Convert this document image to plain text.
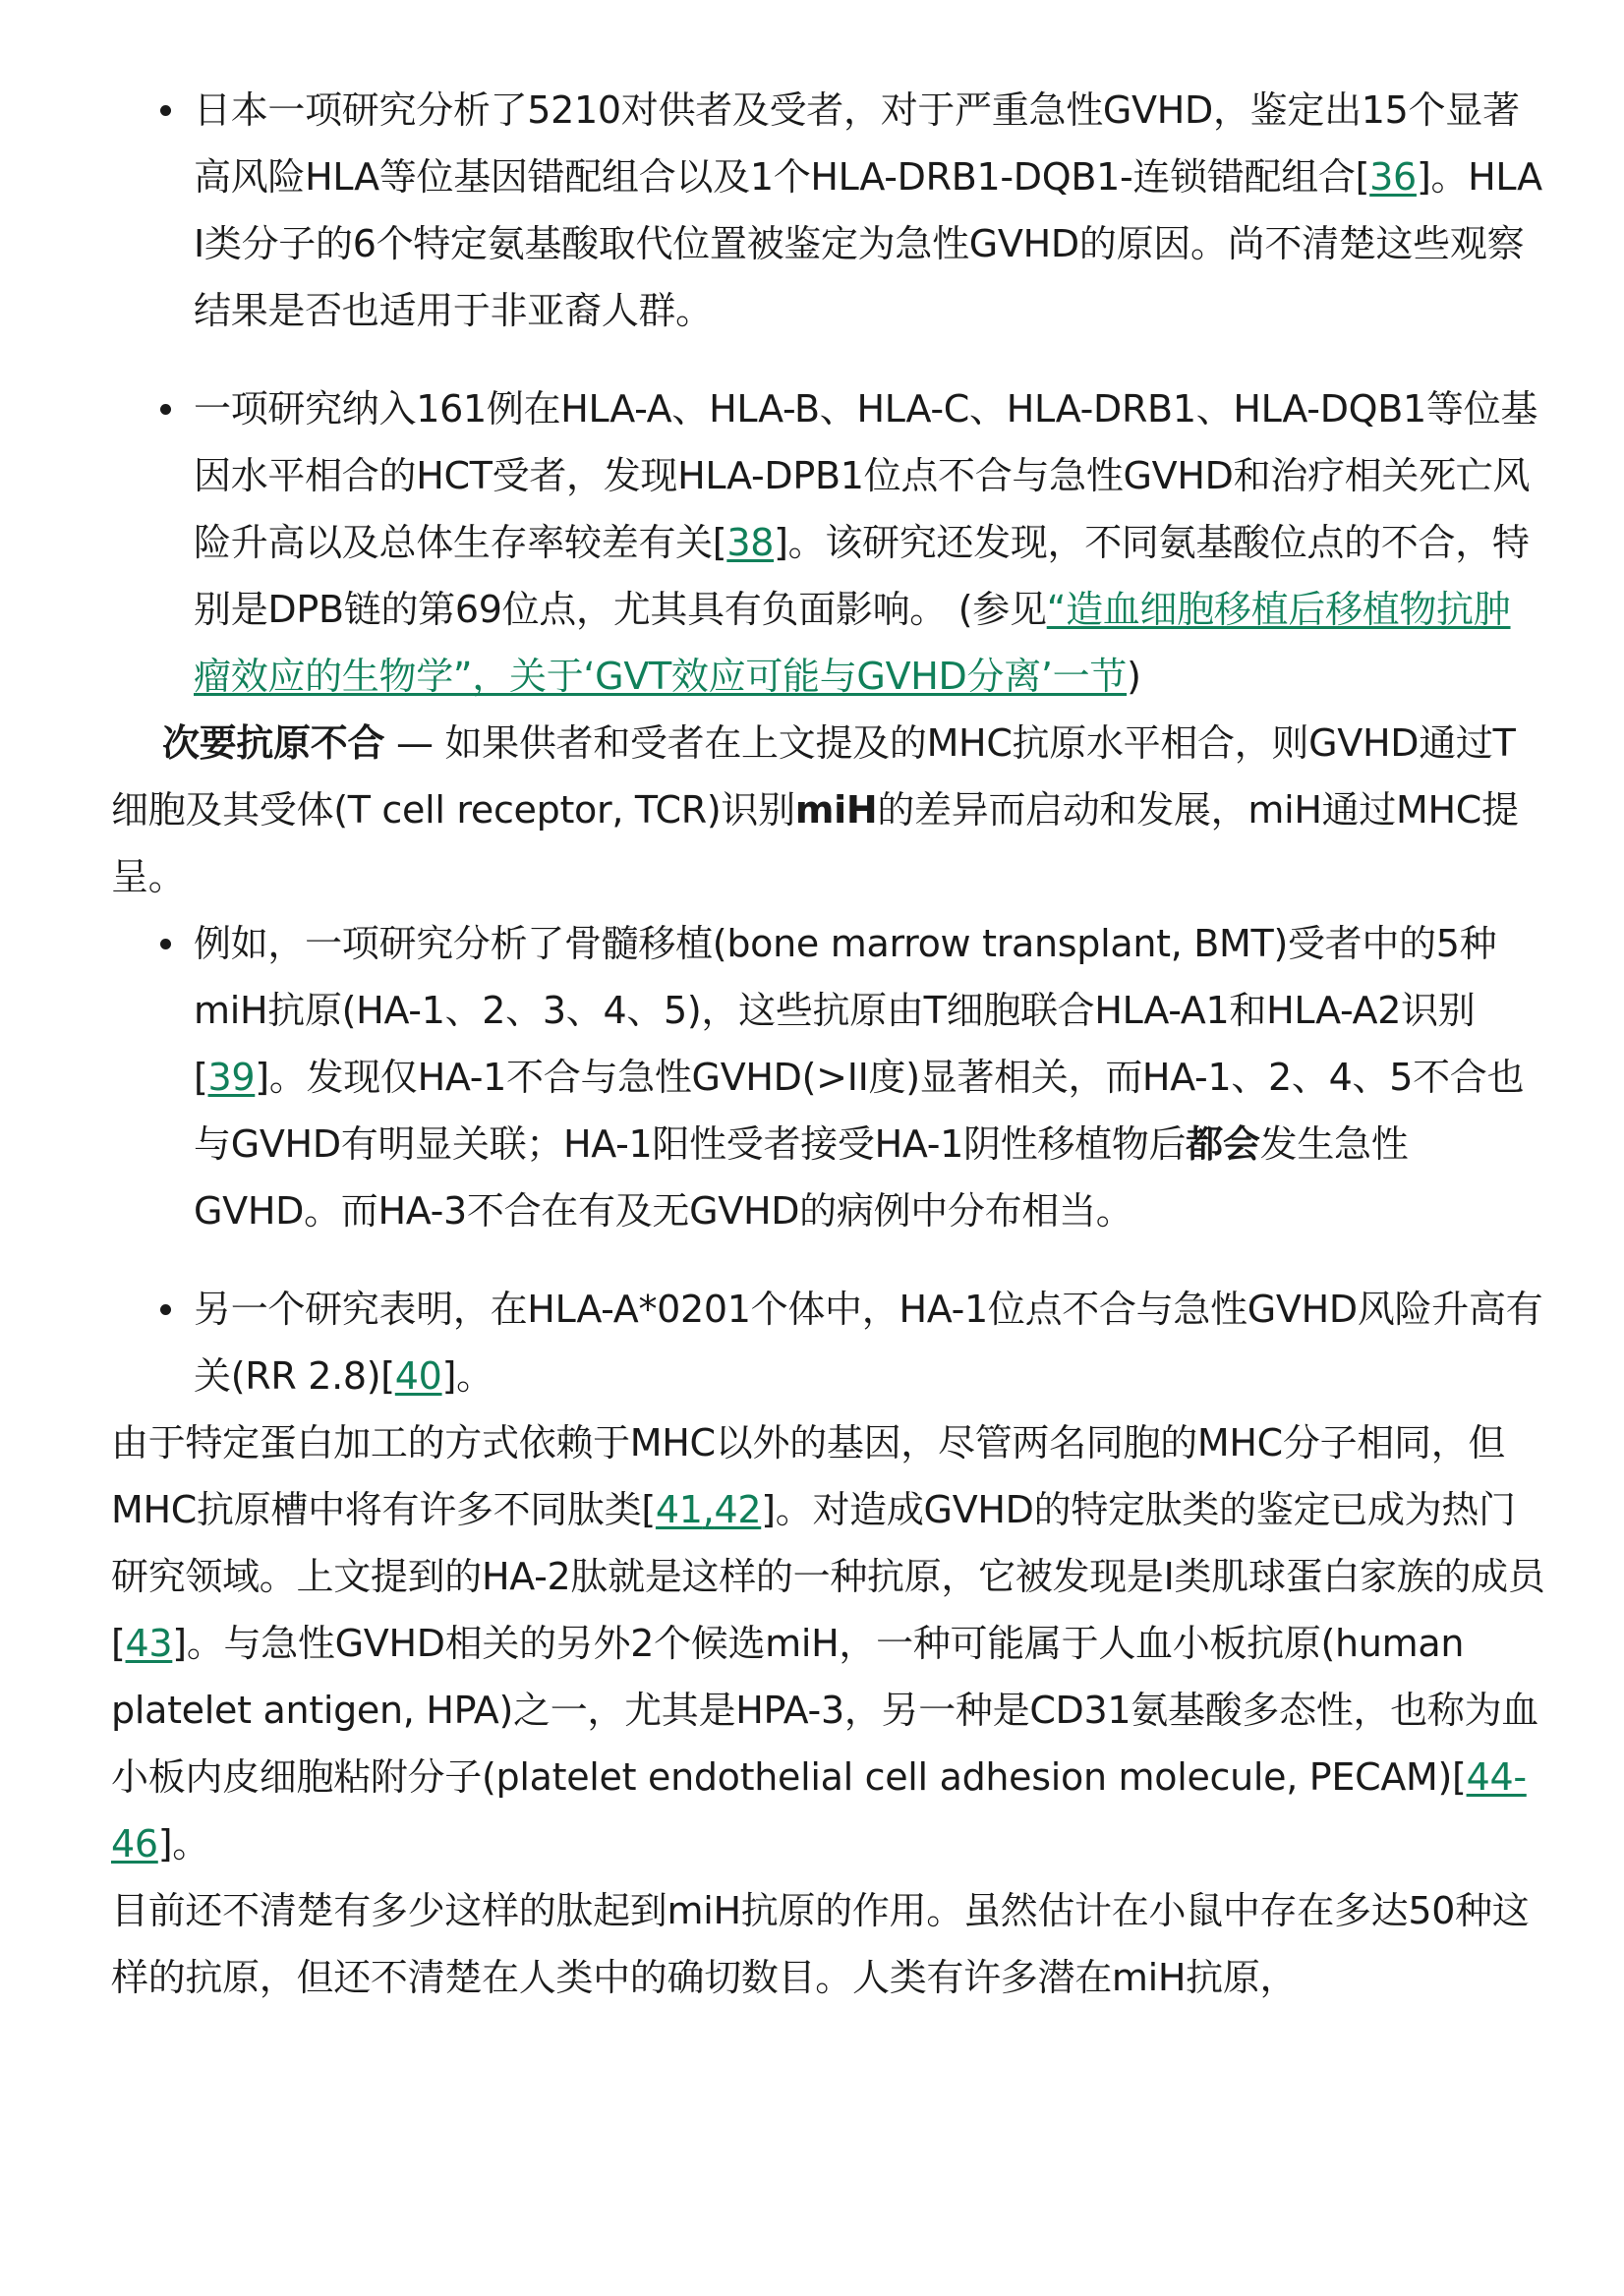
日本一项研究分析了5210对供者及受者，对于严重急性GVHD，鉴定出15个显著高风险HLA等位基因错配组合以及1个HLA-DRB1-DQB1-连锁错配组合[36]。HLA I类分子的6个特定氨基酸取代位置被鉴定为急性GVHD的原因。尚不清楚这些观察结果是否也适用于非亚裔人群。
一项研究纳入161例在HLA-A、HLA-B、HLA-C、HLA-DRB1、HLA-DQB1等位基因水平相合的HCT受者，发现HLA-DPB1位点不合与急性GVHD和治疗相关死亡风险升高以及总体生存率较差有关[38]。该研究还发现，不同氨基酸位点的不合，特别是DPB链的第69位点，尤其具有负面影响。 (参见“造血细胞移植后移植物抗肿瘤效应的生物学”，关于‘GVT效应可能与GVHD分离’一节)

次要抗原不合 — 如果供者和受者在上文提及的MHC抗原水平相合，则GVHD通过T细胞及其受体(T cell receptor, TCR)识别miH的差异而启动和发展，miH通过MHC提呈。

例如，一项研究分析了骨髓移植(bone marrow transplant, BMT)受者中的5种miH抗原(HA-1、2、3、4、5)，这些抗原由T细胞联合HLA-A1和HLA-A2识别[39]。发现仅HA-1不合与急性GVHD(>II度)显著相关，而HA-1、2、4、5不合也与GVHD有明显关联；HA-1阳性受者接受HA-1阴性移植物后都会发生急性GVHD。而HA-3不合在有及无GVHD的病例中分布相当。
另一个研究表明，在HLA-A*0201个体中，HA-1位点不合与急性GVHD风险升高有关(RR 2.8)[40]。

由于特定蛋白加工的方式依赖于MHC以外的基因，尽管两名同胞的MHC分子相同，但MHC抗原槽中将有许多不同肽类[41,42]。对造成GVHD的特定肽类的鉴定已成为热门研究领域。上文提到的HA-2肽就是这样的一种抗原，它被发现是I类肌球蛋白家族的成员[43]。与急性GVHD相关的另外2个候选miH，一种可能属于人血小板抗原(human platelet antigen, HPA)之一，尤其是HPA-3，另一种是CD31氨基酸多态性，也称为血小板内皮细胞粘附分子(platelet endothelial cell adhesion molecule, PECAM)[44-46]。

目前还不清楚有多少这样的肽起到miH抗原的作用。虽然估计在小鼠中存在多达50种这样的抗原，但还不清楚在人类中的确切数目。人类有许多潜在miH抗原，
